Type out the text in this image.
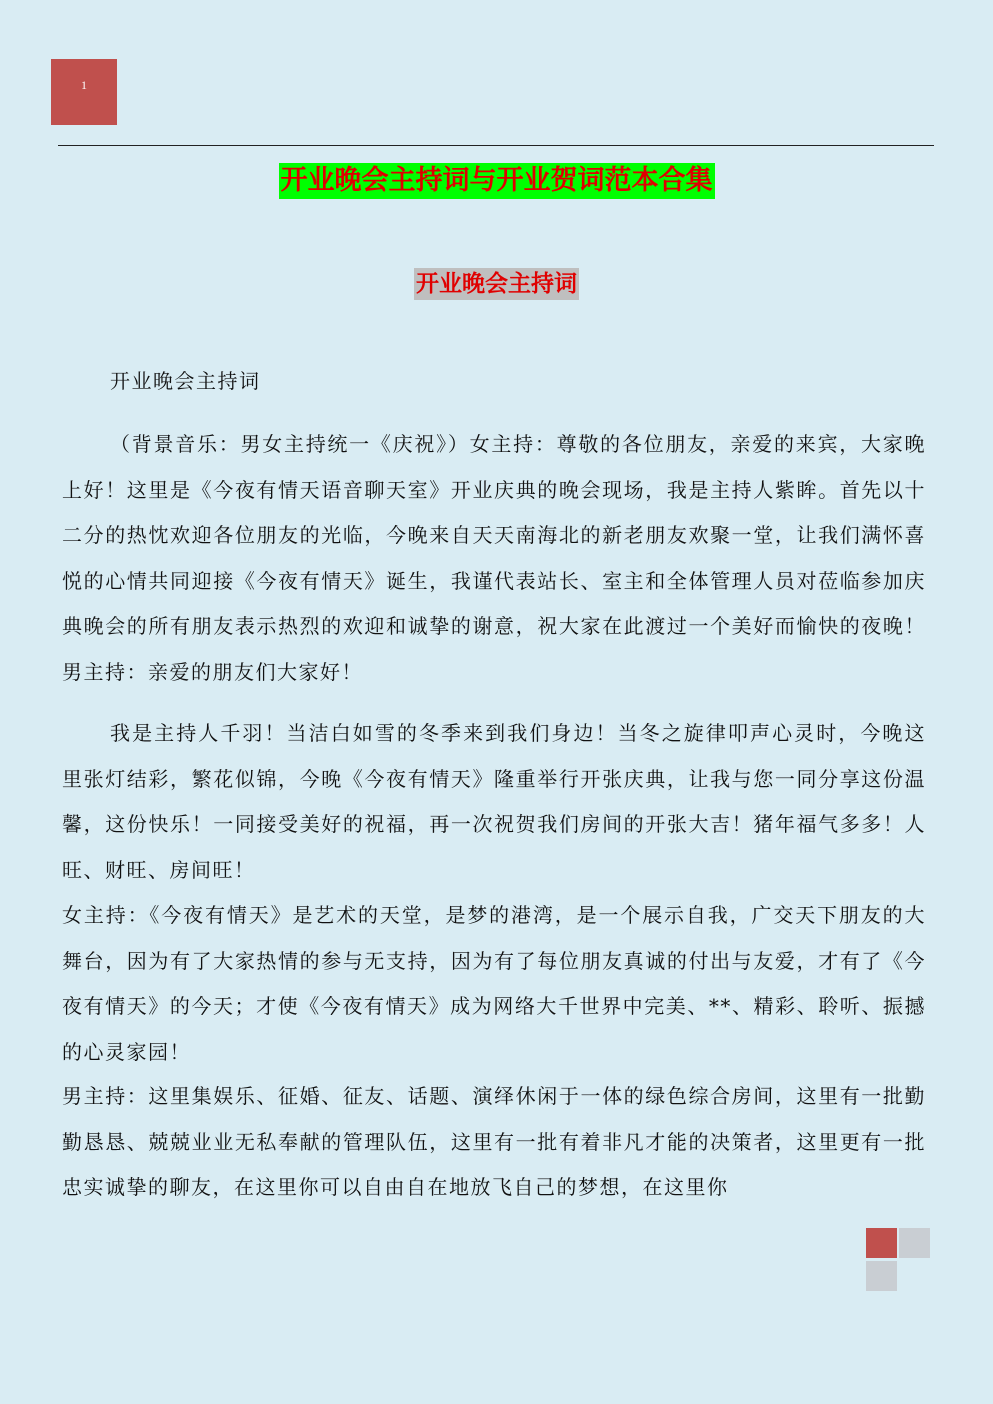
1
开业晚会主持词与开业贺词范本合集
开业晚会主持词

开业晚会主持词

（背景音乐：男女主持统一《庆祝》）女主持：尊敬的各位朋友，亲爱的来宾，大家晚上好！这里是《今夜有情天语音聊天室》开业庆典的晚会现场，我是主持人紫眸。首先以十二分的热忱欢迎各位朋友的光临，今晚来自天天南海北的新老朋友欢聚一堂，让我们满怀喜悦的心情共同迎接《今夜有情天》诞生，我谨代表站长、室主和全体管理人员对莅临参加庆典晚会的所有朋友表示热烈的欢迎和诚挚的谢意，祝大家在此渡过一个美好而愉快的夜晚！ 男主持：亲爱的朋友们大家好！

我是主持人千羽！当洁白如雪的冬季来到我们身边！当冬之旋律叩声心灵时，今晚这里张灯结彩，繁花似锦，今晚《今夜有情天》隆重举行开张庆典，让我与您一同分享这份温馨，这份快乐！一同接受美好的祝福，再一次祝贺我们房间的开张大吉！猪年福气多多！人旺、财旺、房间旺！

女主持：《今夜有情天》是艺术的天堂，是梦的港湾，是一个展示自我，广交天下朋友的大舞台，因为有了大家热情的参与无支持，因为有了每位朋友真诚的付出与友爱，才有了《今夜有情天》的今天；才使《今夜有情天》成为网络大千世界中完美、**、精彩、聆听、振撼的心灵家园！

男主持：这里集娱乐、征婚、征友、话题、演绎休闲于一体的绿色综合房间，这里有一批勤勤恳恳、兢兢业业无私奉献的管理队伍，这里有一批有着非凡才能的决策者，这里更有一批忠实诚挚的聊友，在这里你可以自由自在地放飞自己的梦想，在这里你
